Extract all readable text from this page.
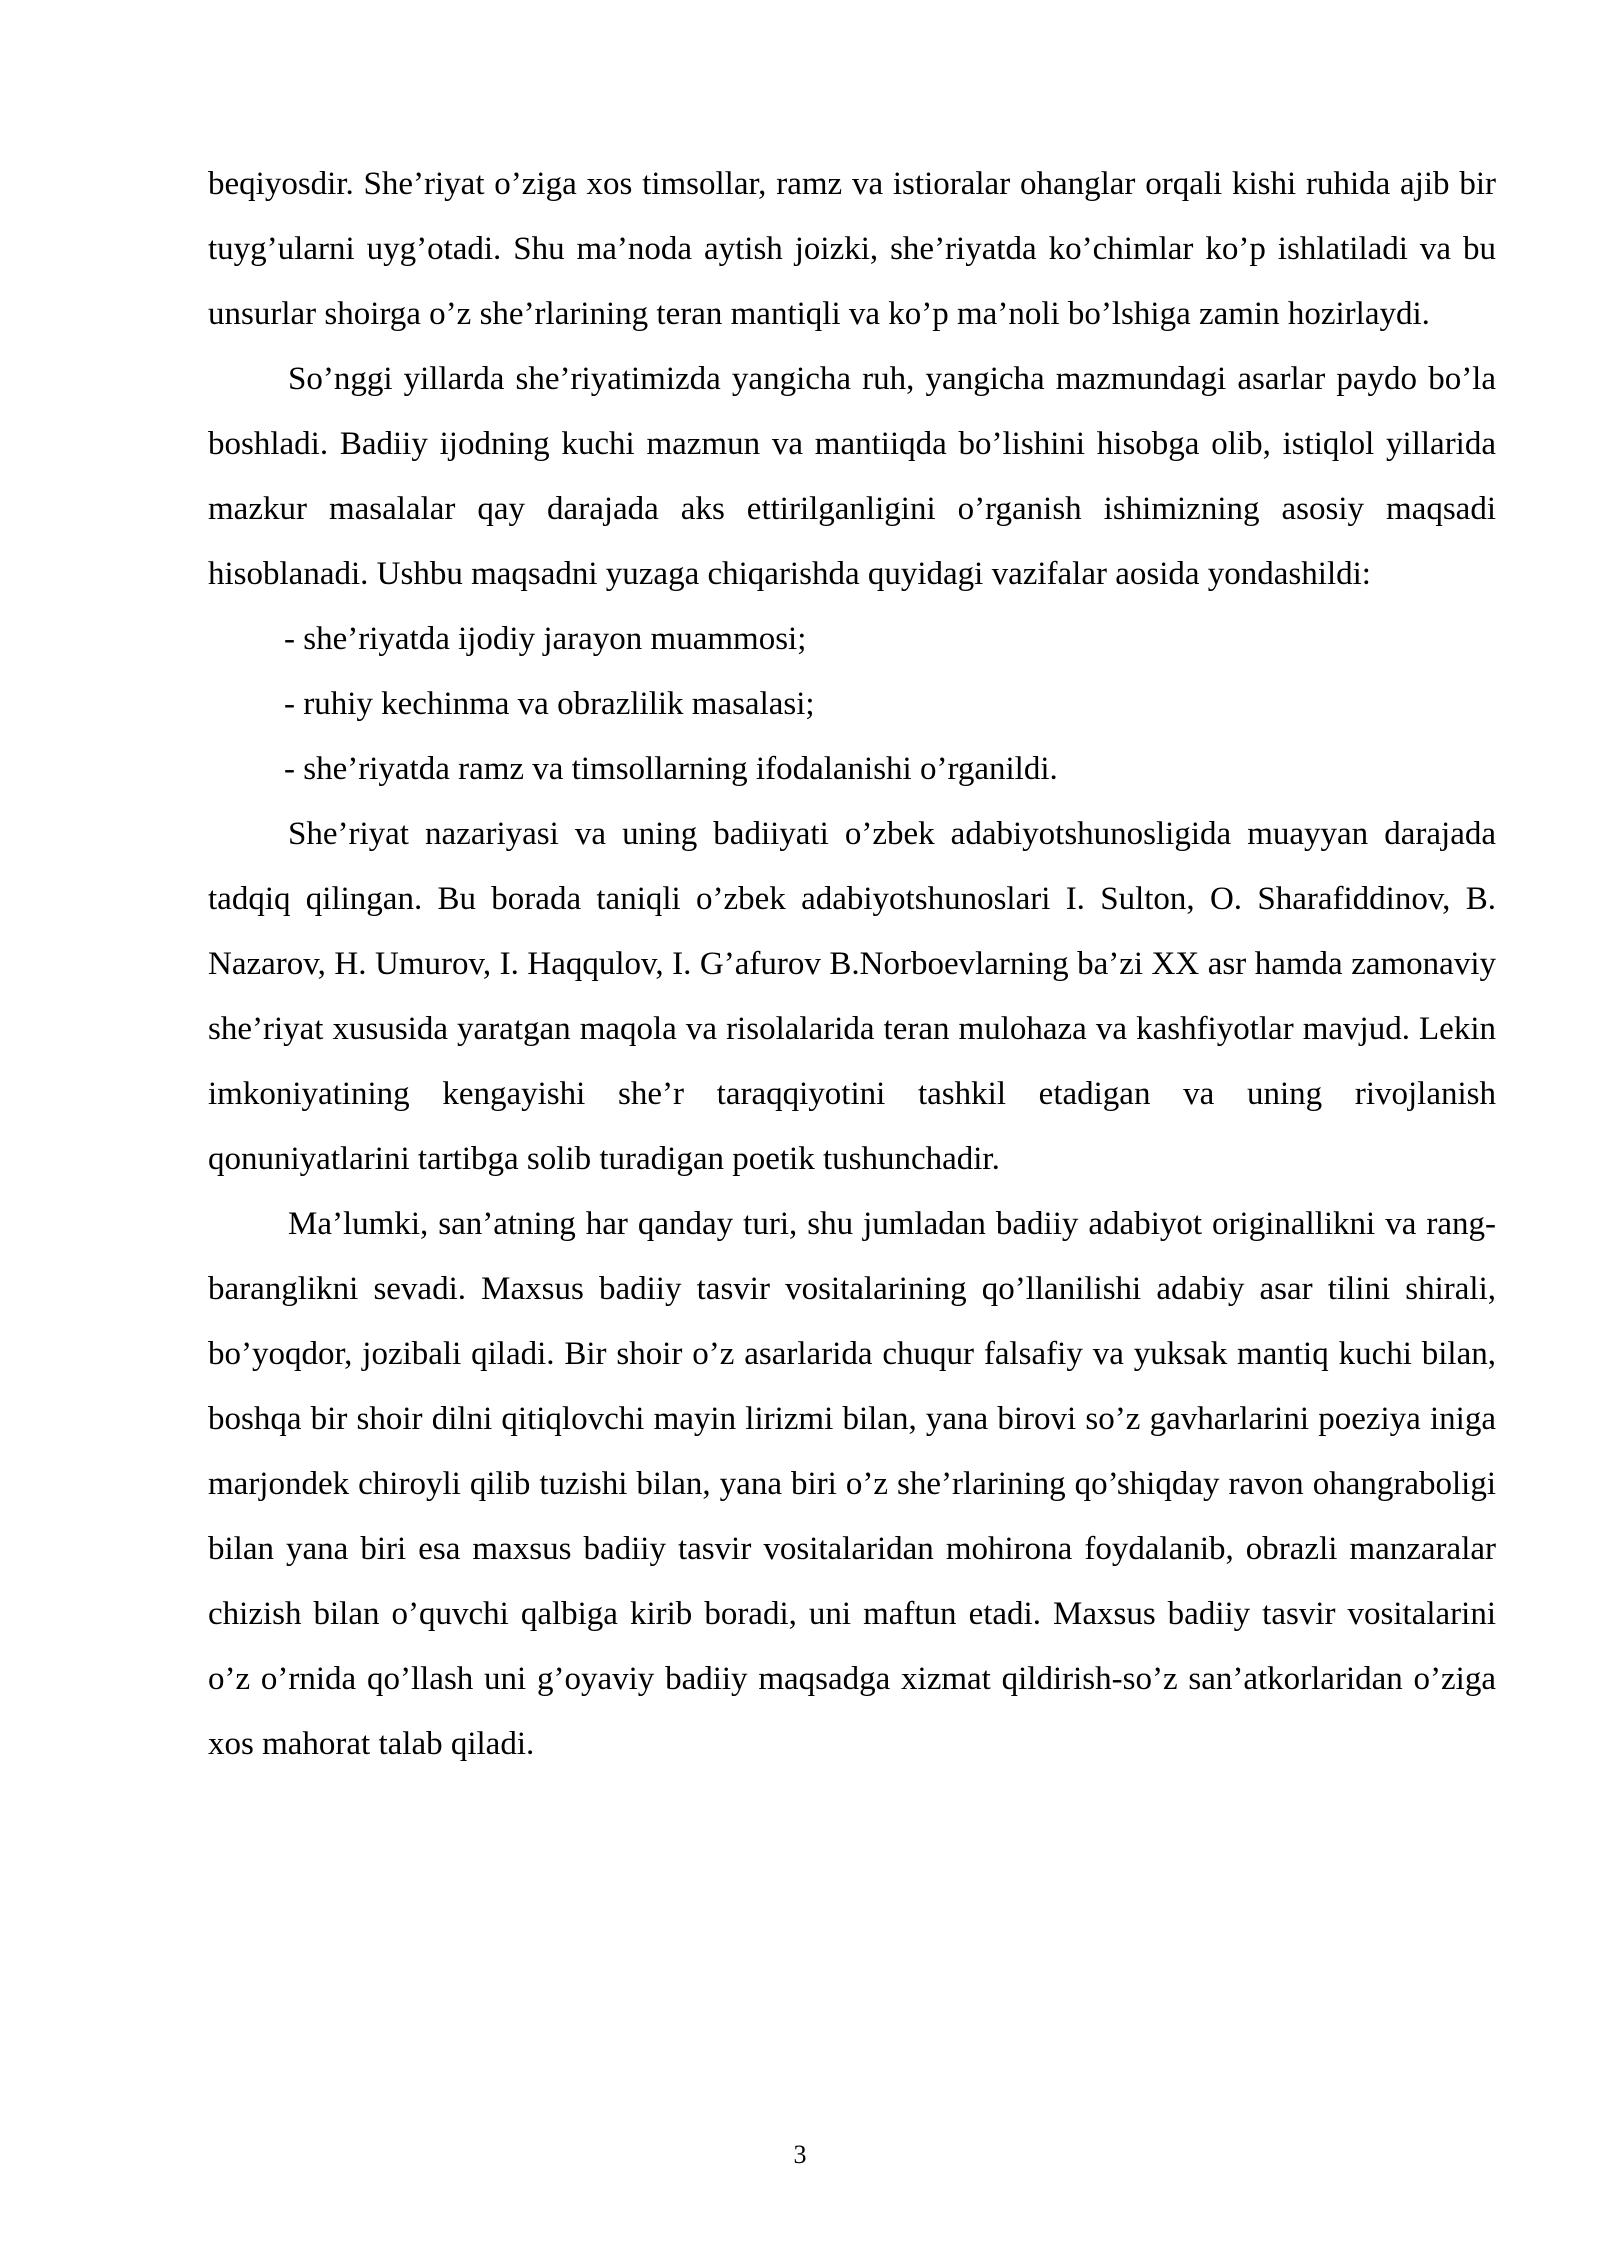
beqiyosdir. She’riyat o’ziga xos timsollar, ramz va istioralar ohanglar orqali kishi ruhida ajib bir tuyg’ularni uyg’otadi. Shu ma’noda aytish joizki, she’riyatda ko’chimlar ko’p ishlatiladi va bu unsurlar shoirga o’z she’rlarining teran mantiqli va ko’p ma’noli bo’lshiga zamin hozirlaydi.

So’nggi yillarda she’riyatimizda yangicha ruh, yangicha mazmundagi asarlar paydo bo’la boshladi. Badiiy ijodning kuchi mazmun va mantiiqda bo’lishini hisobga olib, istiqlol yillarida mazkur masalalar qay darajada aks ettirilganligini o’rganish ishimizning asosiy maqsadi hisoblanadi. Ushbu maqsadni yuzaga chiqarishda quyidagi vazifalar aosida yondashildi:

- she’riyatda ijodiy jarayon muammosi;
- ruhiy kechinma va obrazlilik masalasi;
- she’riyatda ramz va timsollarning ifodalanishi o’rganildi.

She’riyat nazariyasi va uning badiiyati o’zbek adabiyotshunosligida muayyan darajada tadqiq qilingan. Bu borada taniqli o’zbek adabiyotshunoslari I. Sulton, O. Sharafiddinov, B. Nazarov, H. Umurov, I. Haqqulov, I. G’afurov B.Norboevlarning ba’zi XX asr hamda zamonaviy she’riyat xususida yaratgan maqola va risolalarida teran mulohaza va kashfiyotlar mavjud. Lekin imkoniyatining kengayishi she’r taraqqiyotini tashkil etadigan va uning rivojlanish qonuniyatlarini tartibga solib turadigan poetik tushunchadir.

Ma’lumki, san’atning har qanday turi, shu jumladan badiiy adabiyot originallikni va rang-baranglikni sevadi. Maxsus badiiy tasvir vositalarining qo’llanilishi adabiy asar tilini shirali, bo’yoqdor, jozibali qiladi. Bir shoir o’z asarlarida chuqur falsafiy va yuksak mantiq kuchi bilan, boshqa bir shoir dilni qitiqlovchi mayin lirizmi bilan, yana birovi so’z gavharlarini poeziya iniga marjondek chiroyli qilib tuzishi bilan, yana biri o’z she’rlarining qo’shiqday ravon ohangraboligi bilan yana biri esa maxsus badiiy tasvir vositalaridan mohirona foydalanib, obrazli manzaralar chizish bilan o’quvchi qalbiga kirib boradi, uni maftun etadi. Maxsus badiiy tasvir vositalarini o’z o’rnida qo’llash uni g’oyaviy badiiy maqsadga xizmat qildirish-so’z san’atkorlaridan o’ziga xos mahorat talab qiladi.

3
